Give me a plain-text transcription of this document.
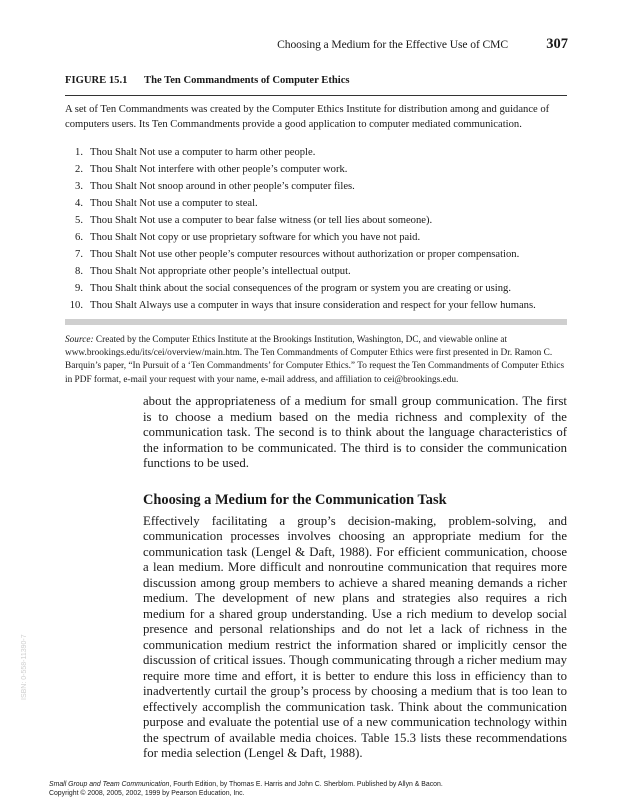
Choosing a Medium for the Effective Use of CMC	307
FIGURE 15.1 The Ten Commandments of Computer Ethics
A set of Ten Commandments was created by the Computer Ethics Institute for distribution among and guidance of computers users. Its Ten Commandments provide a good application to computer mediated communication.
1. Thou Shalt Not use a computer to harm other people.
2. Thou Shalt Not interfere with other people’s computer work.
3. Thou Shalt Not snoop around in other people’s computer files.
4. Thou Shalt Not use a computer to steal.
5. Thou Shalt Not use a computer to bear false witness (or tell lies about someone).
6. Thou Shalt Not copy or use proprietary software for which you have not paid.
7. Thou Shalt Not use other people’s computer resources without authorization or proper compensation.
8. Thou Shalt Not appropriate other people’s intellectual output.
9. Thou Shalt think about the social consequences of the program or system you are creating or using.
10. Thou Shalt Always use a computer in ways that insure consideration and respect for your fellow humans.
Source: Created by the Computer Ethics Institute at the Brookings Institution, Washington, DC, and viewable online at www.brookings.edu/its/cei/overview/main.htm. The Ten Commandments of Computer Ethics were first presented in Dr. Ramon C. Barquin’s paper, “In Pursuit of a ‘Ten Commandments’ for Computer Ethics.” To request the Ten Commandments of Computer Ethics in PDF format, e-mail your request with your name, e-mail address, and affiliation to cei@brookings.edu.

about the appropriateness of a medium for small group communication. The first is to choose a medium based on the media richness and complexity of the communication task. The second is to think about the language characteristics of the information to be communicated. The third is to consider the communication functions to be used.

Choosing a Medium for the Communication Task

Effectively facilitating a group’s decision-making, problem-solving, and communication processes involves choosing an appropriate medium for the communication task (Lengel & Daft, 1988). For efficient communication, choose a lean medium. More difficult and nonroutine communication that requires more discussion among group members to achieve a shared meaning demands a richer medium. The development of new plans and strategies also requires a rich medium for a shared group understanding. Use a rich medium to develop social presence and personal relationships and do not let a lack of richness in the communication medium restrict the information shared or implicitly censor the discussion of critical issues. Though communicating through a richer medium may require more time and effort, it is better to endure this loss in efficiency than to inadvertently curtail the group’s process by choosing a medium that is too lean to effectively accomplish the communication task. Think about the communication purpose and evaluate the potential use of a new communication technology within the spectrum of available media choices. Table 15.3 lists these recommendations for media selection (Lengel & Daft, 1988).

ISBN: 0-558-11390-7
Small Group and Team Communication, Fourth Edition, by Thomas E. Harris and John C. Sherblom. Published by Allyn & Bacon.
Copyright © 2008, 2005, 2002, 1999 by Pearson Education, Inc.
